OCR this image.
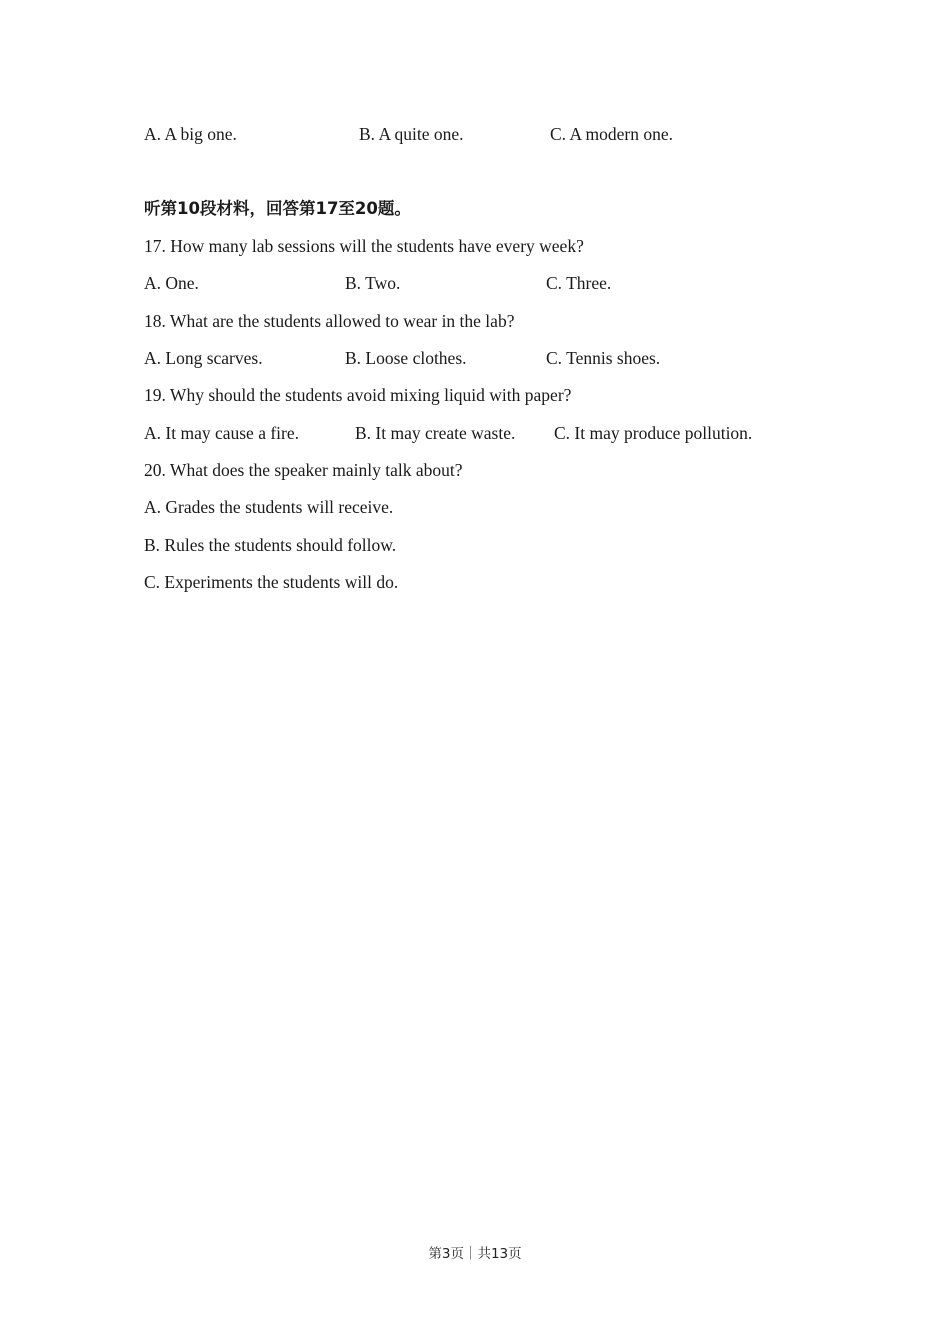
A. A big one.	B. A quite one.	C. A modern one.
听第10段材料，回答第17至20题。
17. How many lab sessions will the students have every week?
A. One.	B. Two.	C. Three.
18. What are the students allowed to wear in the lab?
A. Long scarves.	B. Loose clothes.	C. Tennis shoes.
19. Why should the students avoid mixing liquid with paper?
A. It may cause a fire.	B. It may create waste. C. It may produce pollution.
20. What does the speaker mainly talk about?
A. Grades the students will receive.
B. Rules the students should follow.
C. Experiments the students will do.
第3页｜共13页
